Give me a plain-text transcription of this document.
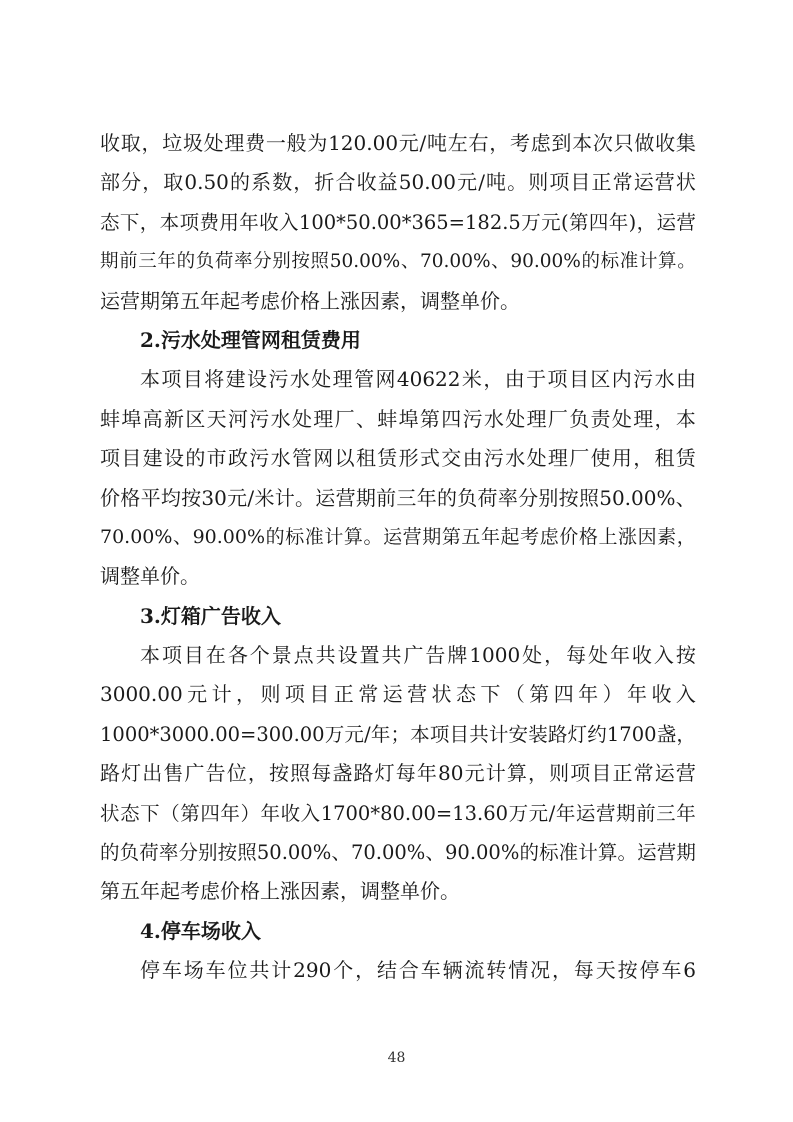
收 取 ， 垃 圾 处 理 费 一 般 为 120.00 元 / 吨 左 右 ， 考 虑 到 本 次 只 做 收 集
部 分 ， 取 0.50 的 系 数 ， 折 合 收 益 50.00 元 / 吨 。 则 项 目 正 常 运 营 状
态 下 ， 本 项 费 用 年 收 入 100*50.00*365=182.5 万 元 ( 第 四 年 ) ， 运 营
期 前 三 年 的 负 荷 率 分 别 按 照 50.00% 、 70.00% 、 90.00% 的 标 准 计 算 。
运营期第五年起考虑价格上涨因素，调整单价。
2.污水处理管网租赁费用
本 项 目 将 建 设 污 水 处 理 管 网 40622 米 ， 由 于 项 目 区 内 污 水 由
蚌 埠 高 新 区 天 河 污 水 处 理 厂 、 蚌 埠 第 四 污 水 处 理 厂 负 责 处 理 ， 本
项 目 建 设 的 市 政 污 水 管 网 以 租 赁 形 式 交 由 污 水 处 理 厂 使 用 ， 租 赁
价 格 平 均 按 30 元 / 米 计 。 运 营 期 前 三 年 的 负 荷 率 分 别 按 照 50.00% 、
70.00% 、 90.00% 的 标 准 计 算 。 运 营 期 第 五 年 起 考 虑 价 格 上 涨 因 素 ，
调整单价。
3.灯箱广告收入
本 项 目 在 各 个 景 点 共 设 置 共 广 告 牌 1000 处 ， 每 处 年 收 入 按
3000.00 元 计 ， 则 项 目 正 常 运 营 状 态 下 （ 第 四 年 ） 年 收 入
1000*3000.00=300.00 万 元 / 年 ； 本 项 目 共 计 安 装 路 灯 约 1700 盏 ，
路 灯 出 售 广 告 位 ， 按 照 每 盏 路 灯 每 年 80 元 计 算 ， 则 项 目 正 常 运 营
状 态 下 （ 第 四 年 ） 年 收 入 1700*80.00=13.60 万 元 / 年 运 营 期 前 三 年
的 负 荷 率 分 别 按 照 50.00% 、 70.00% 、 90.00% 的 标 准 计 算 。 运 营 期
第五年起考虑价格上涨因素，调整单价。
4.停车场收入
停 车 场 车 位 共 计 290 个 ， 结 合 车 辆 流 转 情 况 ， 每 天 按 停 车 6
48
